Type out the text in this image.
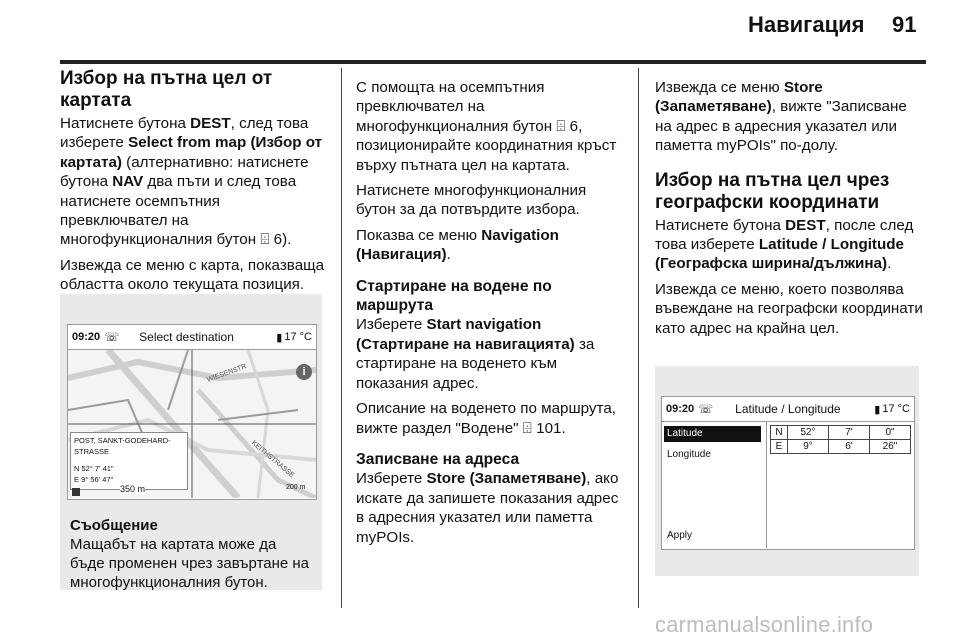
Навигация 91

Избор на пътна цел от картата

Натиснете бутона DEST, след това изберете Select from map (Избор от картата) (алтернативно: натиснете бутона NAV два пъти и след това натиснете осемпътния превключвател на многофункционалния бутон ⌹ 6).

Извежда се меню с карта, показваща областта около текущата позиция.

09:20 ☏ Select destination	▮ 17 °C
WIESENSTR
KEITHSTRASSE
i
POST, SANKT-GODEHARD-STRASSE
N 52° 7' 41"
E 9° 56' 47"
350 m	200 m
Съобщение
Мащабът на картата може да бъде променен чрез завъртане на многофункционалния бутон.

С помощта на осемпътния превключвател на многофункционалния бутон ⌹ 6, позиционирайте координатния кръст върху пътната цел на картата.

Натиснете многофункционалния бутон за да потвърдите избора.

Показва се меню Navigation (Навигация).

Стартиране на водене по маршрута

Изберете Start navigation (Стартиране на навигацията) за стартиране на воденето към показания адрес.

Описание на воденето по маршрута, вижте раздел "Водене" ⌹ 101.

Записване на адреса

Изберете Store (Запаметяване), ако искате да запишете показания адрес в адресния указател или паметта myPOIs.

Извежда се меню Store (Запаметяване), вижте "Записване на адрес в адресния указател или паметта myPOIs" по-долу.

Избор на пътна цел чрез географски координати

Натиснете бутона DEST, после след това изберете Latitude / Longitude (Географска ширина/дължина).

Извежда се меню, което позволява въвеждане на географски координати като адрес на крайна цел.

09:20 ☏ Latitude / Longitude	▮ 17 °C
Latitude
Longitude
Apply
N	52°	7'	0"
E	9°	6'	26"
carmanualsonline.info
